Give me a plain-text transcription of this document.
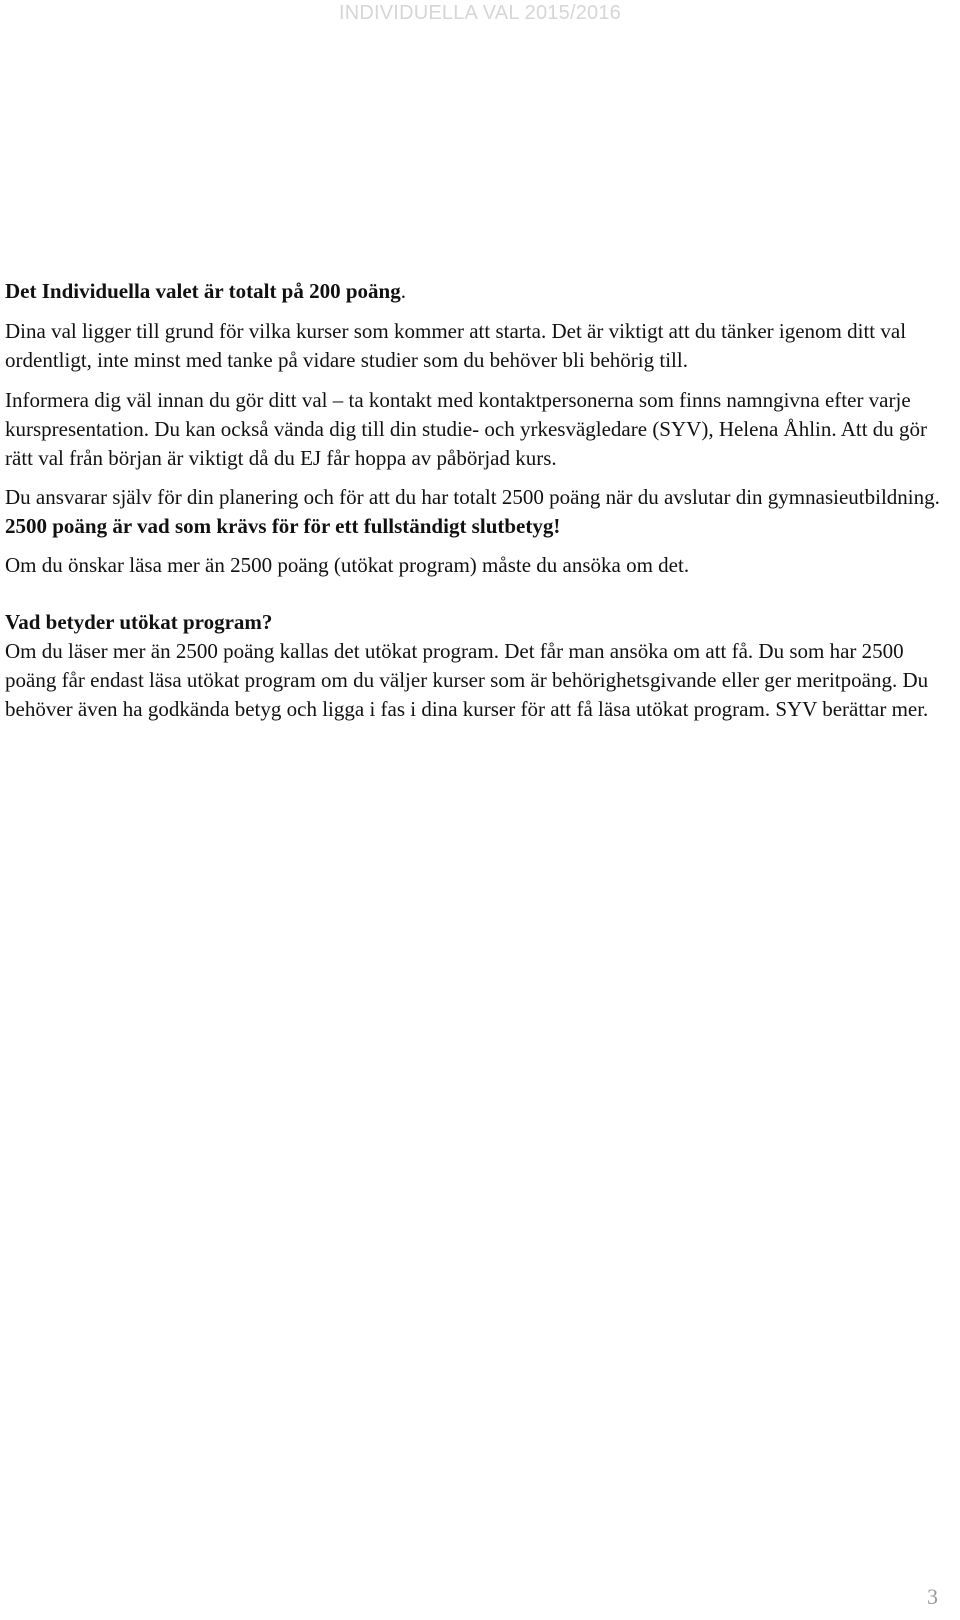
INDIVIDUELLA VAL 2015/2016

Det Individuella valet är totalt på 200 poäng.

Dina val ligger till grund för vilka kurser som kommer att starta. Det är viktigt att du tänker igenom ditt val ordentligt, inte minst med tanke på vidare studier som du behöver bli behörig till.

Informera dig väl innan du gör ditt val – ta kontakt med kontaktpersonerna som finns namngivna efter varje kurspresentation. Du kan också vända dig till din studie- och yrkesvägledare (SYV), Helena Åhlin. Att du gör rätt val från början är viktigt då du EJ får hoppa av påbörjad kurs.

Du ansvarar själv för din planering och för att du har totalt 2500 poäng när du avslutar din gymnasieutbildning. 2500 poäng är vad som krävs för för ett fullständigt slutbetyg!

Om du önskar läsa mer än 2500 poäng (utökat program) måste du ansöka om det.

Vad betyder utökat program?

Om du läser mer än 2500 poäng kallas det utökat program. Det får man ansöka om att få. Du som har 2500 poäng får endast läsa utökat program om du väljer kurser som är behörighetsgivande eller ger meritpoäng. Du behöver även ha godkända betyg och ligga i fas i dina kurser för att få läsa utökat program. SYV berättar mer.

3
